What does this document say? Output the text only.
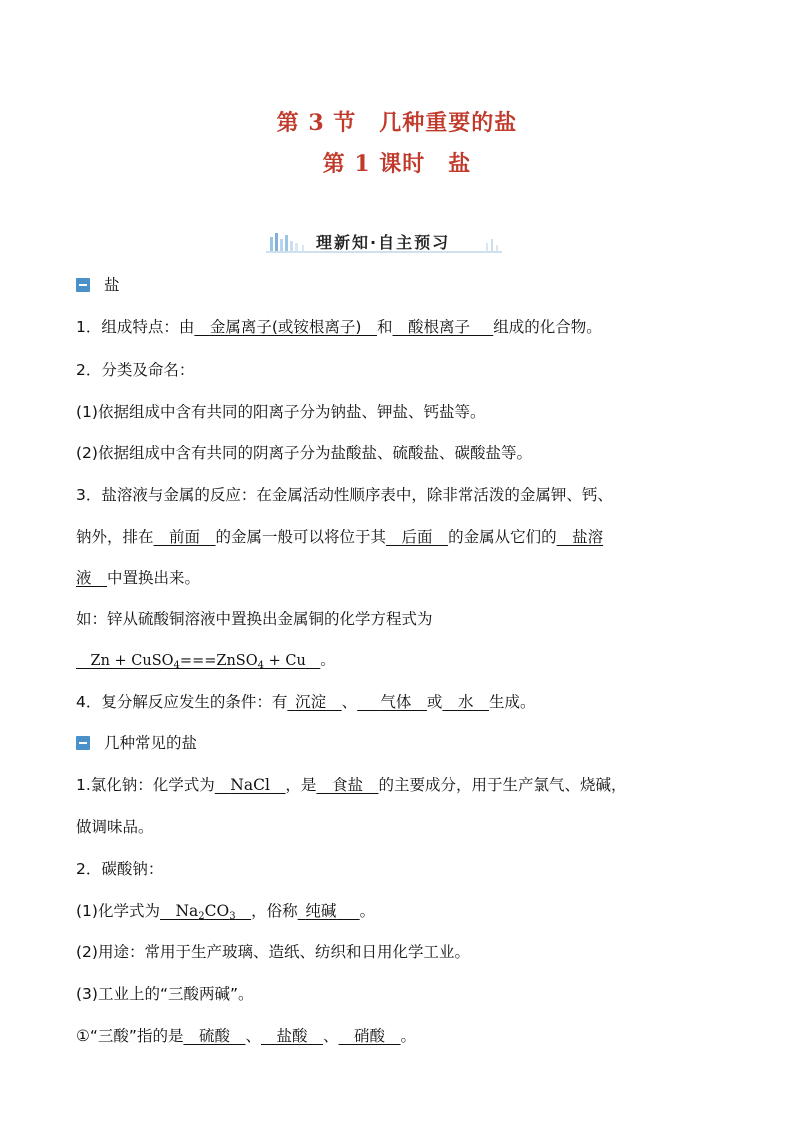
第 3 节　几种重要的盐
第 1 课时　盐
理新知·自主预习
盐
1．组成特点：由   金属离子(或铵根离子)   和   酸根离子    组成的化合物。
2．分类及命名：
(1)依据组成中含有共同的阳离子分为钠盐、钾盐、钙盐等。
(2)依据组成中含有共同的阴离子分为盐酸盐、硫酸盐、碳酸盐等。
3．盐溶液与金属的反应：在金属活动性顺序表中，除非常活泼的金属钾、钙、
钠外，排在   前面   的金属一般可以将位于其   后面   的金属从它们的   盐溶
液   中置换出来。
如：锌从硫酸铜溶液中置换出金属铜的化学方程式为
  Zn + CuSO$_4$===ZnSO$_4$ + Cu   。
4．复分解反应发生的条件：有  沉淀   、    气体   或   水   生成。
几种常见的盐
1.氯化钠：化学式为   NaCl   ，是   食盐   的主要成分，用于生产氯气、烧碱，
做调味品。
2．碳酸钠：
(1)化学式为   $Na_2CO_3$   ，俗称  纯碱    。
(2)用途：常用于生产玻璃、造纸、纺织和日用化学工业。
(3)工业上的“三酸两碱”。
①“三酸”指的是   硫酸   、   盐酸   、   硝酸   。
